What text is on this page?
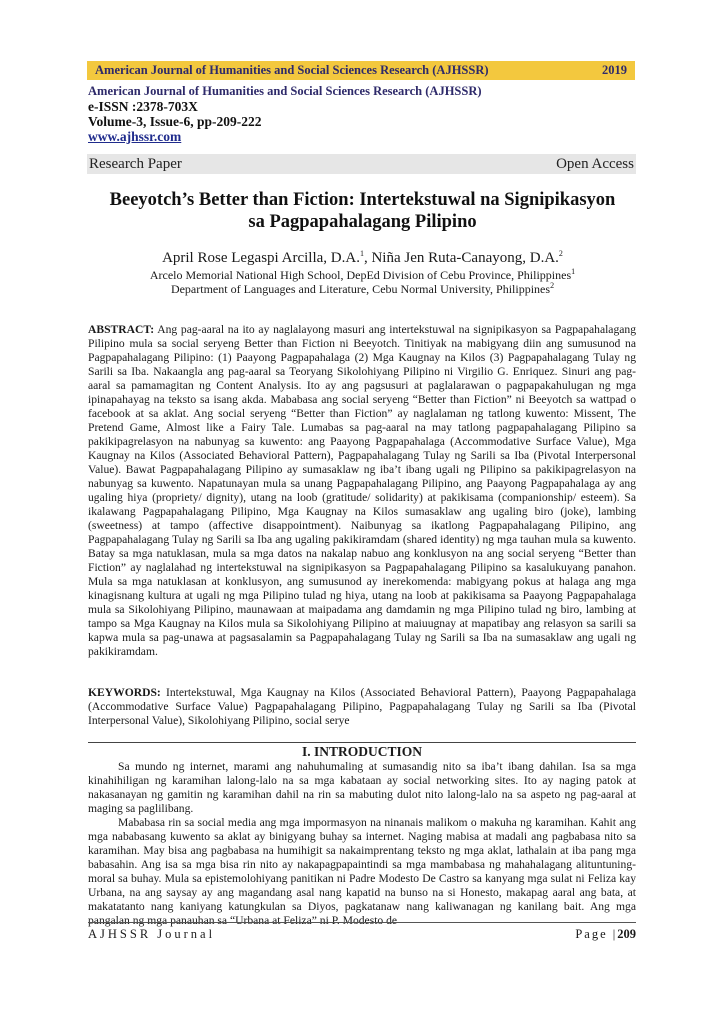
American Journal of Humanities and Social Sciences Research (AJHSSR)	2019
American Journal of Humanities and Social Sciences Research (AJHSSR)
e-ISSN :2378-703X
Volume-3, Issue-6, pp-209-222
www.ajhssr.com
Research Paper	Open Access
Beeyotch’s Better than Fiction: Intertekstuwal na Signipikasyon
sa Pagpapahalagang Pilipino
April Rose Legaspi Arcilla, D.A.$^1$, Niña Jen Ruta-Canayong, D.A.$^2$
Arcelo Memorial National High School, DepEd Division of Cebu Province, Philippines$^1$
Department of Languages and Literature, Cebu Normal University, Philippines$^2$
ABSTRACT: Ang pag-aaral na ito ay naglalayong masuri ang intertekstuwal na signipikasyon sa Pagpapahalagang Pilipino mula sa social seryeng Better than Fiction ni Beeyotch. Tinitiyak na mabigyang diin ang sumusunod na Pagpapahalagang Pilipino: (1) Paayong Pagpapahalaga (2) Mga Kaugnay na Kilos (3) Pagpapahalagang Tulay ng Sarili sa Iba. Nakaangla ang pag-aaral sa Teoryang Sikolohiyang Pilipino ni Virgilio G. Enriquez. Sinuri ang pag-aaral sa pamamagitan ng Content Analysis. Ito ay ang pagsusuri at paglalarawan o pagpapakahulugan ng mga ipinapahayag na teksto sa isang akda. Mababasa ang social seryeng “Better than Fiction” ni Beeyotch sa wattpad o facebook at sa aklat. Ang social seryeng “Better than Fiction” ay naglalaman ng tatlong kuwento: Missent, The Pretend Game, Almost like a Fairy Tale. Lumabas sa pag-aaral na may tatlong pagpapahalagang Pilipino sa pakikipagrelasyon na nabunyag sa kuwento: ang Paayong Pagpapahalaga (Accommodative Surface Value), Mga Kaugnay na Kilos (Associated Behavioral Pattern), Pagpapahalagang Tulay ng Sarili sa Iba (Pivotal Interpersonal Value). Bawat Pagpapahalagang Pilipino ay sumasaklaw ng iba’t ibang ugali ng Pilipino sa pakikipagrelasyon na nabunyag sa kuwento. Napatunayan mula sa unang Pagpapahalagang Pilipino, ang Paayong Pagpapahalaga ay ang ugaling hiya (propriety/ dignity), utang na loob (gratitude/ solidarity) at pakikisama (companionship/ esteem). Sa ikalawang Pagpapahalagang Pilipino, Mga Kaugnay na Kilos sumasaklaw ang ugaling biro (joke), lambing (sweetness) at tampo (affective disappointment). Naibunyag sa ikatlong Pagpapahalagang Pilipino, ang Pagpapahalagang Tulay ng Sarili sa Iba ang ugaling pakikiramdam (shared identity) ng mga tauhan mula sa kuwento. Batay sa mga natuklasan, mula sa mga datos na nakalap nabuo ang konklusyon na ang social seryeng “Better than Fiction” ay naglalahad ng intertekstuwal na signipikasyon sa Pagpapahalagang Pilipino sa kasalukuyang panahon. Mula sa mga natuklasan at konklusyon, ang sumusunod ay inerekomenda: mabigyang pokus at halaga ang mga kinagisnang kultura at ugali ng mga Pilipino tulad ng hiya, utang na loob at pakikisama sa Paayong Pagpapahalaga mula sa Sikolohiyang Pilipino, maunawaan at maipadama ang damdamin ng mga Pilipino tulad ng biro, lambing at tampo sa Mga Kaugnay na Kilos mula sa Sikolohiyang Pilipino at maiuugnay at mapatibay ang relasyon sa sarili sa kapwa mula sa pag-unawa at pagsasalamin sa Pagpapahalagang Tulay ng Sarili sa Iba na sumasaklaw ang ugali ng pakikiramdam.
KEYWORDS: Intertekstuwal, Mga Kaugnay na Kilos (Associated Behavioral Pattern), Paayong Pagpapahalaga (Accommodative Surface Value) Pagpapahalagang Pilipino, Pagpapahalagang Tulay ng Sarili sa Iba (Pivotal Interpersonal Value), Sikolohiyang Pilipino, social serye
I. INTRODUCTION
Sa mundo ng internet, marami ang nahuhumaling at sumasandig nito sa iba’t ibang dahilan. Isa sa mga kinahihiligan ng karamihan lalong-lalo na sa mga kabataan ay social networking sites. Ito ay naging patok at nakasanayan ng gamitin ng karamihan dahil na rin sa mabuting dulot nito lalong-lalo na sa aspeto ng pag-aaral at maging sa paglilibang.
Mababasa rin sa social media ang mga impormasyon na ninanais malikom o makuha ng karamihan. Kahit ang mga nababasang kuwento sa aklat ay binigyang buhay sa internet. Naging mabisa at madali ang pagbabasa nito sa karamihan. May bisa ang pagbabasa na humihigit sa nakaimprentang teksto ng mga aklat, lathalain at iba pang mga babasahin. Ang isa sa mga bisa rin nito ay nakapagpapaintindi sa mga mambabasa ng mahahalagang alituntuning-moral sa buhay. Mula sa epistemolohiyang panitikan ni Padre Modesto De Castro sa kanyang mga sulat ni Feliza kay Urbana, na ang saysay ay ang magandang asal nang kapatid na bunso na si Honesto, makapag aaral ang bata, at makatatanto nang kaniyang katungkulan sa Diyos, pagkatanaw nang kaliwanagan ng kanilang bait. Ang mga pangalan ng mga panauhan sa “Urbana at Feliza” ni P. Modesto de
AJHSSR Journal	Page |209
